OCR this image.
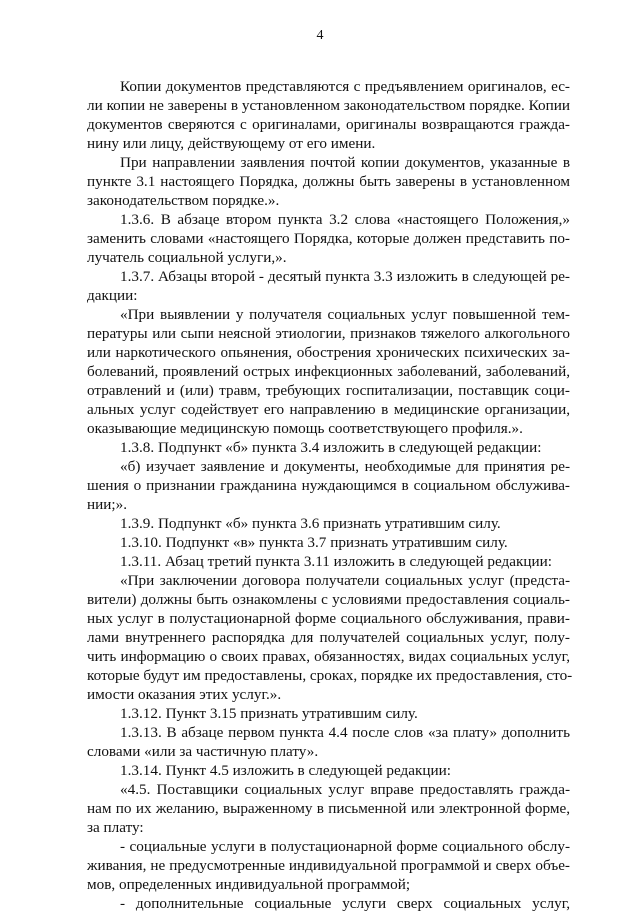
4
Копии документов представляются с предъявлением оригиналов, ес-
ли копии не заверены в установленном законодательством порядке. Копии
документов сверяются с оригиналами, оригиналы возвращаются гражда-
нину или лицу, действующему от его имени.
При направлении заявления почтой копии документов, указанные в
пункте 3.1 настоящего Порядка, должны быть заверены в установленном
законодательством порядке.».
1.3.6. В абзаце втором пункта 3.2 слова «настоящего Положения,»
заменить словами «настоящего Порядка, которые должен представить по-
лучатель социальной услуги,».
1.3.7. Абзацы второй - десятый пункта 3.3 изложить в следующей ре-
дакции:
«При выявлении у получателя социальных услуг повышенной тем-
пературы или сыпи неясной этиологии, признаков тяжелого алкогольного
или наркотического опьянения, обострения хронических психических за-
болеваний, проявлений острых инфекционных заболеваний, заболеваний,
отравлений и (или) травм, требующих госпитализации, поставщик соци-
альных услуг содействует его направлению в медицинские организации,
оказывающие медицинскую помощь соответствующего профиля.».
1.3.8. Подпункт «б» пункта 3.4 изложить в следующей редакции:
«б) изучает заявление и документы, необходимые для принятия ре-
шения о признании гражданина нуждающимся в социальном обслужива-
нии;».
1.3.9. Подпункт «б» пункта 3.6 признать утратившим силу.
1.3.10. Подпункт «в» пункта 3.7 признать утратившим силу.
1.3.11. Абзац третий пункта 3.11 изложить в следующей редакции:
«При заключении договора получатели социальных услуг (предста-
вители) должны быть ознакомлены с условиями предоставления социаль-
ных услуг в полустационарной форме социального обслуживания, прави-
лами внутреннего распорядка для получателей социальных услуг, полу-
чить информацию о своих правах, обязанностях, видах социальных услуг,
которые будут им предоставлены, сроках, порядке их предоставления, сто-
имости оказания этих услуг.».
1.3.12. Пункт 3.15 признать утратившим силу.
1.3.13. В абзаце первом пункта 4.4 после слов «за плату» дополнить
словами «или за частичную плату».
1.3.14. Пункт 4.5 изложить в следующей редакции:
«4.5. Поставщики социальных услуг вправе предоставлять гражда-
нам по их желанию, выраженному в письменной или электронной форме,
за плату:
- социальные услуги в полустационарной форме социального обслу-
живания, не предусмотренные индивидуальной программой и сверх объе-
мов, определенных индивидуальной программой;
- дополнительные социальные услуги сверх социальных услуг,
